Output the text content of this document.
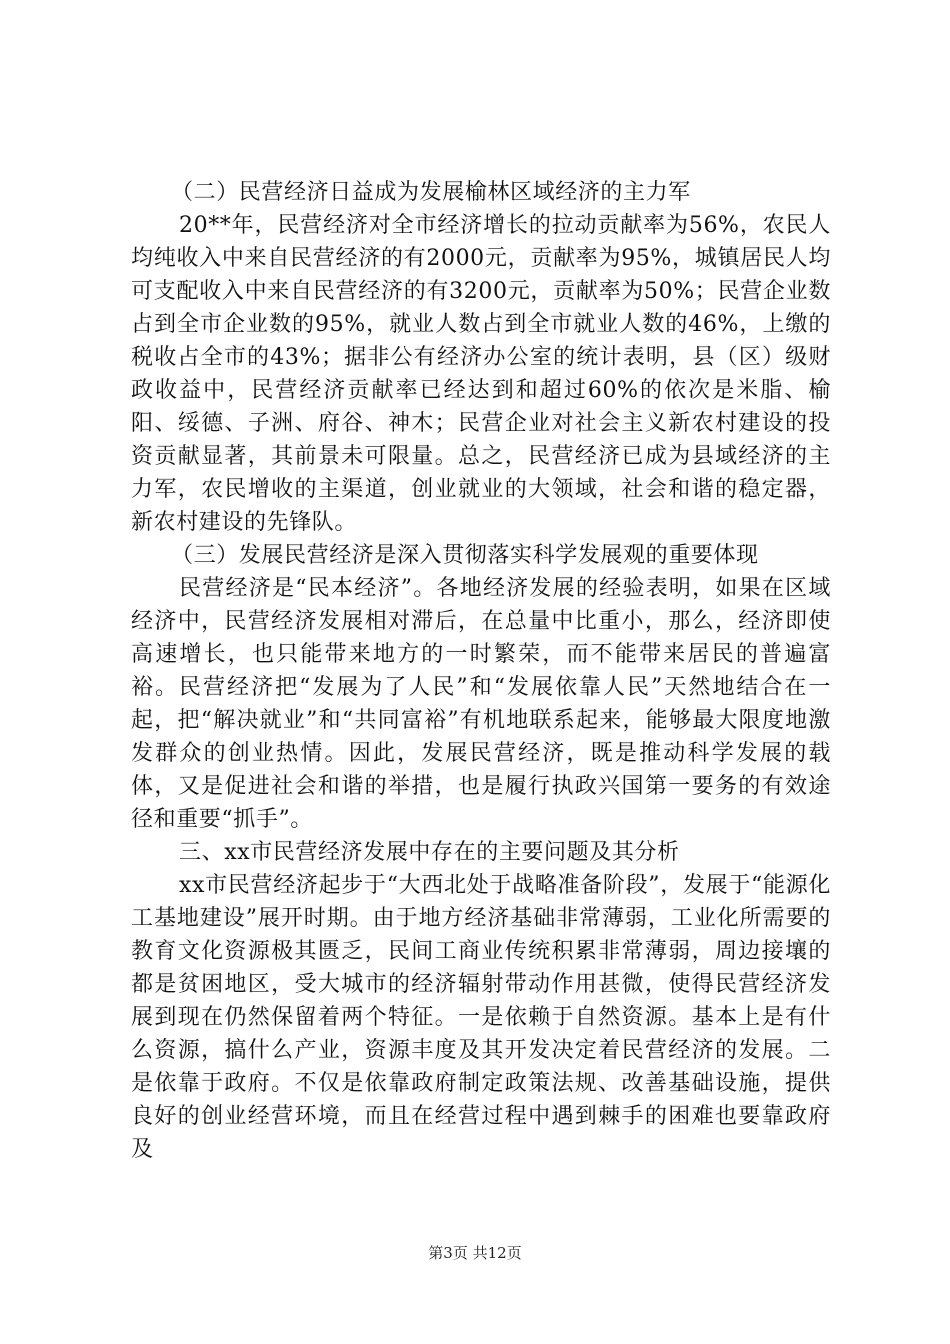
（二）民营经济日益成为发展榆林区域经济的主力军

20**年，民营经济对全市经济增长的拉动贡献率为56%，农民人均纯收入中来自民营经济的有2000元，贡献率为95%，城镇居民人均可支配收入中来自民营经济的有3200元，贡献率为50%；民营企业数占到全市企业数的95%，就业人数占到全市就业人数的46%，上缴的税收占全市的43%；据非公有经济办公室的统计表明，县（区）级财政收益中，民营经济贡献率已经达到和超过60%的依次是米脂、榆阳、绥德、子洲、府谷、神木；民营企业对社会主义新农村建设的投资贡献显著，其前景未可限量。总之，民营经济已成为县域经济的主力军，农民增收的主渠道，创业就业的大领域，社会和谐的稳定器，新农村建设的先锋队。

（三）发展民营经济是深入贯彻落实科学发展观的重要体现

民营经济是“民本经济”。各地经济发展的经验表明，如果在区域经济中，民营经济发展相对滞后，在总量中比重小，那么，经济即使高速增长，也只能带来地方的一时繁荣，而不能带来居民的普遍富裕。民营经济把“发展为了人民”和“发展依靠人民”天然地结合在一起，把“解决就业”和“共同富裕”有机地联系起来，能够最大限度地激发群众的创业热情。因此，发展民营经济，既是推动科学发展的载体，又是促进社会和谐的举措，也是履行执政兴国第一要务的有效途径和重要“抓手”。

三、xx市民营经济发展中存在的主要问题及其分析

xx市民营经济起步于“大西北处于战略准备阶段”，发展于“能源化工基地建设”展开时期。由于地方经济基础非常薄弱，工业化所需要的教育文化资源极其匮乏，民间工商业传统积累非常薄弱，周边接壤的都是贫困地区，受大城市的经济辐射带动作用甚微，使得民营经济发展到现在仍然保留着两个特征。一是依赖于自然资源。基本上是有什么资源，搞什么产业，资源丰度及其开发决定着民营经济的发展。二是依靠于政府。不仅是依靠政府制定政策法规、改善基础设施，提供良好的创业经营环境，而且在经营过程中遇到棘手的困难也要靠政府及

第3页 共12页
